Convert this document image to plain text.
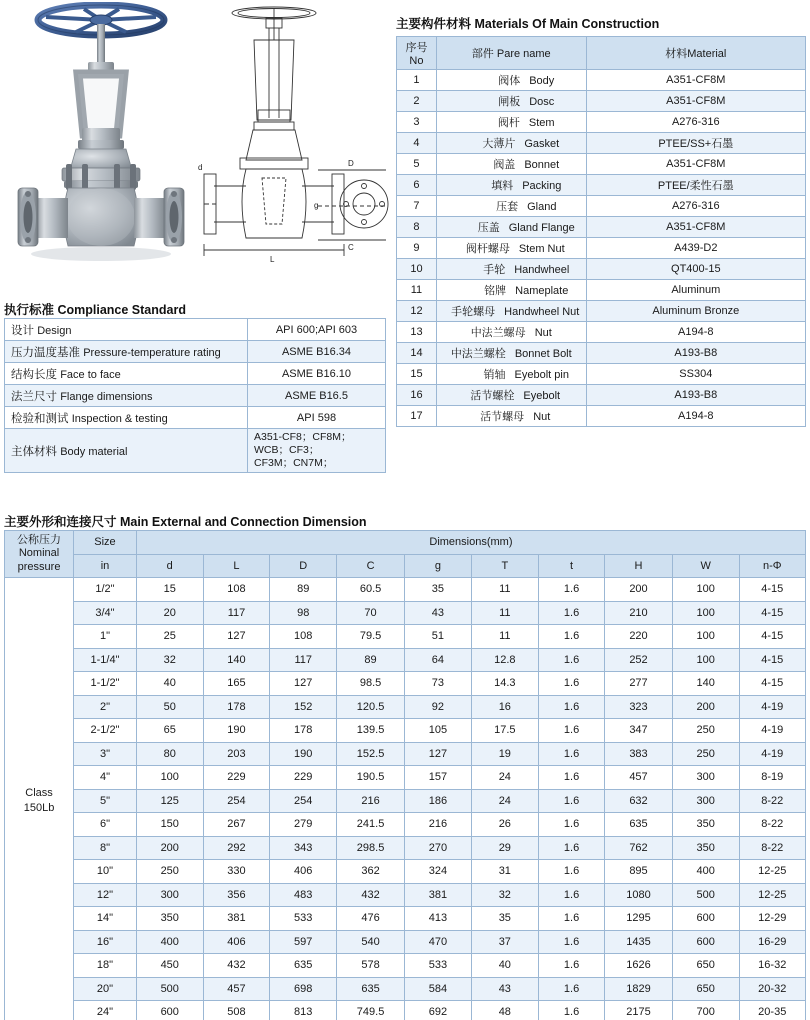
L
D
C
g
d
执行标准 Compliance Standard
设计 Design	API 600;API 603
压力温度基准 Pressure-temperature rating	ASME B16.34
结构长度 Face to face	ASME B16.10
法兰尺寸 Flange dimensions	ASME B16.5
检验和测试 Inspection & testing	API 598
主体材料 Body material	A351-CF8；CF8M；
WCB；CF3；
CF3M；CN7M；
主要构件材料 Materials Of Main Construction
序号
No	部件 Pare name	材料Material
1	阀体 Body	A351-CF8M
2	闸板 Dosc	A351-CF8M
3	阀杆 Stem	A276-316
4	大薄片 Gasket	PTEE/SS+石墨
5	阀盖 Bonnet	A351-CF8M
6	填料 Packing	PTEE/柔性石墨
7	压套 Gland	A276-316
8	压盖 Gland Flange	A351-CF8M
9	阀杆螺母 Stem Nut	A439-D2
10	手轮 Handwheel	QT400-15
11	铭牌 Nameplate	Aluminum
12	手轮螺母 Handwheel Nut	Aluminum Bronze
13	中法兰螺母 Nut	A194-8
14	中法兰螺栓 Bonnet Bolt	A193-B8
15	销轴 Eyebolt pin	SS304
16	活节螺栓 Eyebolt	A193-B8
17	活节螺母 Nut	A194-8
主要外形和连接尺寸 Main External and Connection Dimension
公称压力
Nominal
pressure	Size	Dimensions(mm)									
	in	d	L	D	C	g	T	t	H	W	n-Φ

Class
150Lb	1/2"	15	108	89	60.5	35	11	1.6	200	100	4-15
	3/4"	20	117	98	70	43	11	1.6	210	100	4-15
	1"	25	127	108	79.5	51	11	1.6	220	100	4-15
	1-1/4"	32	140	117	89	64	12.8	1.6	252	100	4-15
	1-1/2"	40	165	127	98.5	73	14.3	1.6	277	140	4-15
	2"	50	178	152	120.5	92	16	1.6	323	200	4-19
	2-1/2"	65	190	178	139.5	105	17.5	1.6	347	250	4-19
	3"	80	203	190	152.5	127	19	1.6	383	250	4-19
	4"	100	229	229	190.5	157	24	1.6	457	300	8-19
	5"	125	254	254	216	186	24	1.6	632	300	8-22
	6"	150	267	279	241.5	216	26	1.6	635	350	8-22
	8"	200	292	343	298.5	270	29	1.6	762	350	8-22
	10"	250	330	406	362	324	31	1.6	895	400	12-25
	12"	300	356	483	432	381	32	1.6	1080	500	12-25
	14"	350	381	533	476	413	35	1.6	1295	600	12-29
	16"	400	406	597	540	470	37	1.6	1435	600	16-29
	18"	450	432	635	578	533	40	1.6	1626	650	16-32
	20"	500	457	698	635	584	43	1.6	1829	650	20-32
	24"	600	508	813	749.5	692	48	1.6	2175	700	20-35
